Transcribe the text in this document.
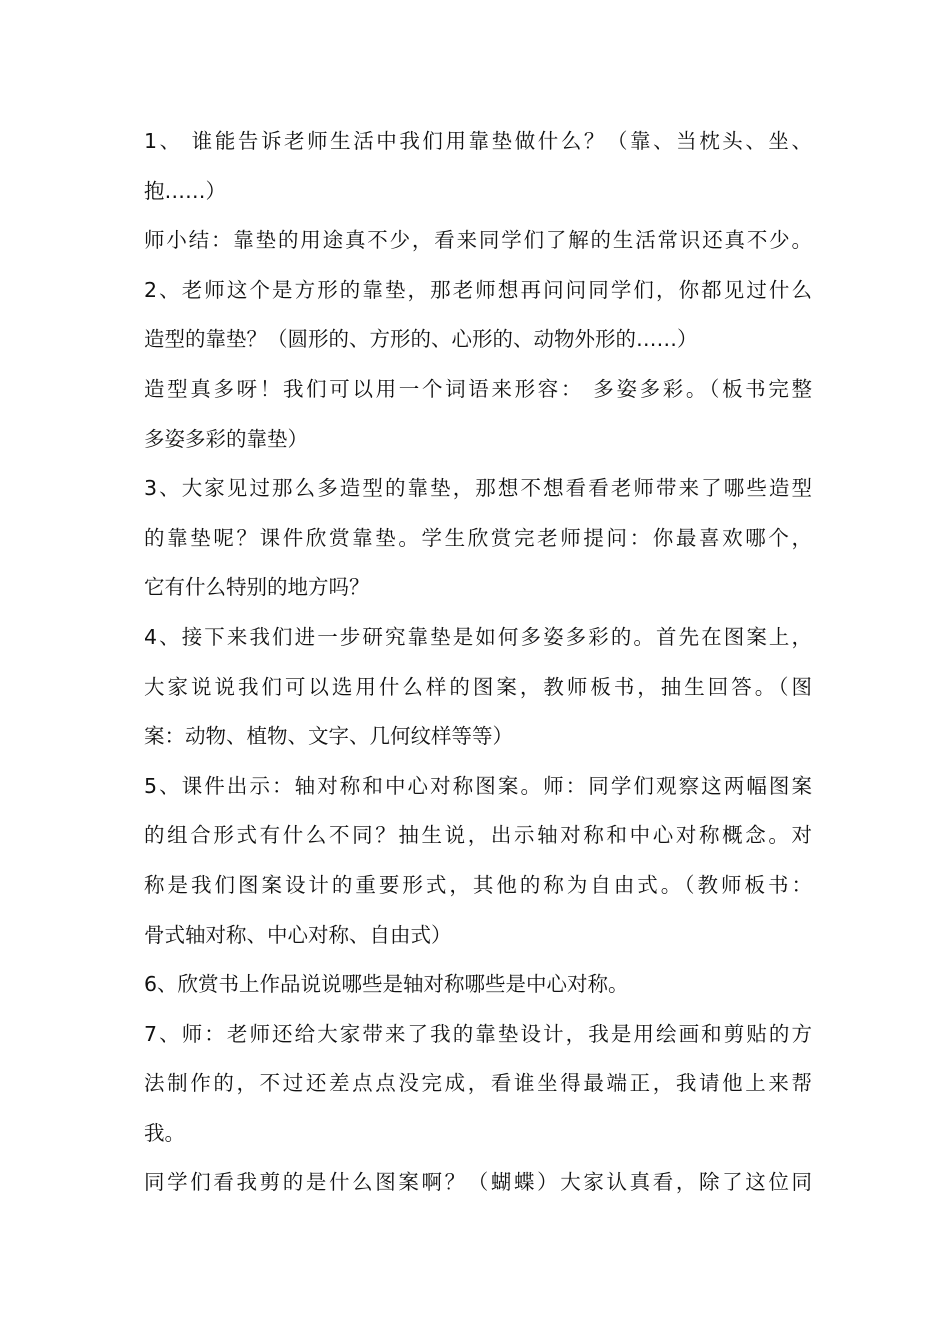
1、 谁能告诉老师生活中我们用靠垫做什么？（靠、当枕头、坐、
抱……）
师小结：靠垫的用途真不少，看来同学们了解的生活常识还真不少。
2、老师这个是方形的靠垫，那老师想再问问同学们，你都见过什么
造型的靠垫？（圆形的、方形的、心形的、动物外形的……）
造型真多呀！我们可以用一个词语来形容： 多姿多彩。（板书完整
多姿多彩的靠垫）
3、大家见过那么多造型的靠垫，那想不想看看老师带来了哪些造型
的靠垫呢？课件欣赏靠垫。学生欣赏完老师提问：你最喜欢哪个，
它有什么特别的地方吗？
4、接下来我们进一步研究靠垫是如何多姿多彩的。首先在图案上，
大家说说我们可以选用什么样的图案，教师板书，抽生回答。（图
案：动物、植物、文字、几何纹样等等）
5、课件出示：轴对称和中心对称图案。师：同学们观察这两幅图案
的组合形式有什么不同？抽生说，出示轴对称和中心对称概念。对
称是我们图案设计的重要形式，其他的称为自由式。（教师板书：
骨式轴对称、中心对称、自由式）
6、欣赏书上作品说说哪些是轴对称哪些是中心对称。
7、师：老师还给大家带来了我的靠垫设计，我是用绘画和剪贴的方
法制作的，不过还差点点没完成，看谁坐得最端正，我请他上来帮
我。
同学们看我剪的是什么图案啊？（蝴蝶）大家认真看，除了这位同
